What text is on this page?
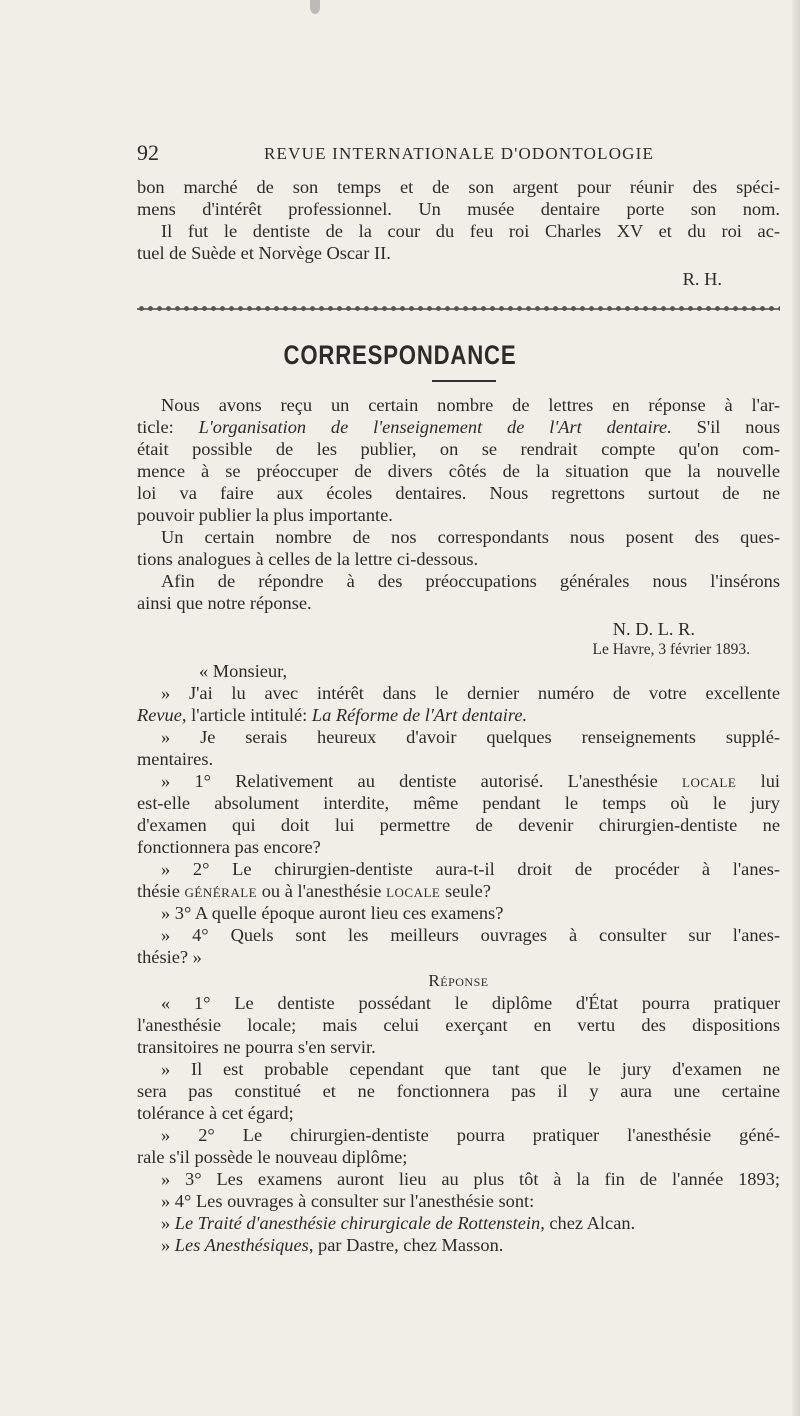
92	REVUE INTERNATIONALE D'ODONTOLOGIE

bon marché de son temps et de son argent pour réunir des spéci-

mens d'intérêt professionnel. Un musée dentaire porte son nom.

Il fut le dentiste de la cour du feu roi Charles XV et du roi ac-

tuel de Suède et Norvège Oscar II.

R. H.

CORRESPONDANCE

Nous avons reçu un certain nombre de lettres en réponse à l'ar-

ticle: L'organisation de l'enseignement de l'Art dentaire. S'il nous

était possible de les publier, on se rendrait compte qu'on com-

mence à se préoccuper de divers côtés de la situation que la nouvelle

loi va faire aux écoles dentaires. Nous regrettons surtout de ne

pouvoir publier la plus importante.

Un certain nombre de nos correspondants nous posent des ques-

tions analogues à celles de la lettre ci-dessous.

Afin de répondre à des préoccupations générales nous l'insérons

ainsi que notre réponse.

N. D. L. R.

Le Havre, 3 février 1893.

« Monsieur,

» J'ai lu avec intérêt dans le dernier numéro de votre excellente

Revue, l'article intitulé: La Réforme de l'Art dentaire.

» Je serais heureux d'avoir quelques renseignements supplé-

mentaires.

» 1° Relativement au dentiste autorisé. L'anesthésie locale lui

est-elle absolument interdite, même pendant le temps où le jury

d'examen qui doit lui permettre de devenir chirurgien-dentiste ne

fonctionnera pas encore?

» 2° Le chirurgien-dentiste aura-t-il droit de procéder à l'anes-

thésie générale ou à l'anesthésie locale seule?

» 3° A quelle époque auront lieu ces examens?

» 4° Quels sont les meilleurs ouvrages à consulter sur l'anes-

thésie? »

Réponse

« 1° Le dentiste possédant le diplôme d'État pourra pratiquer

l'anesthésie locale; mais celui exerçant en vertu des dispositions

transitoires ne pourra s'en servir.

» Il est probable cependant que tant que le jury d'examen ne

sera pas constitué et ne fonctionnera pas il y aura une certaine

tolérance à cet égard;

» 2° Le chirurgien-dentiste pourra pratiquer l'anesthésie géné-

rale s'il possède le nouveau diplôme;

» 3° Les examens auront lieu au plus tôt à la fin de l'année 1893;

» 4° Les ouvrages à consulter sur l'anesthésie sont:

» Le Traité d'anesthésie chirurgicale de Rottenstein, chez Alcan.

» Les Anesthésiques, par Dastre, chez Masson.
